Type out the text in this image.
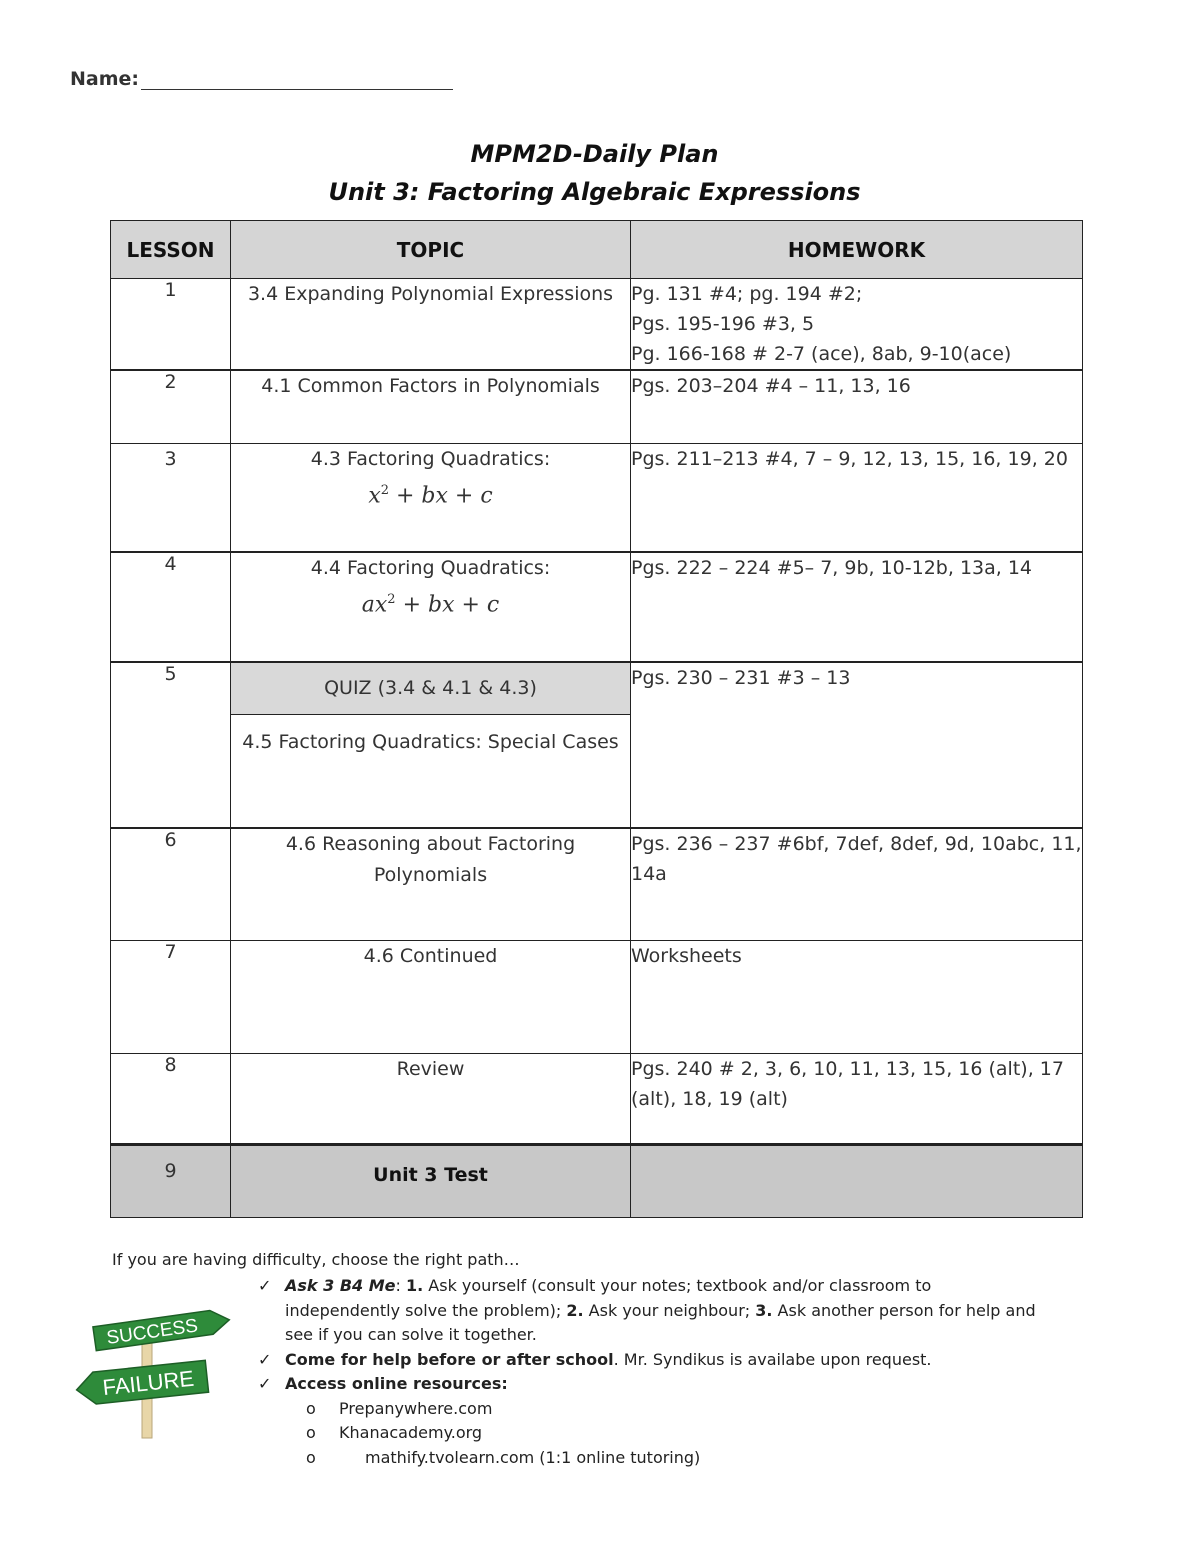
Name:
MPM2D-Daily Plan
Unit 3: Factoring Algebraic Expressions
LESSON	TOPIC	HOMEWORK
1	3.4 Expanding Polynomial Expressions	Pg. 131 #4; pg. 194 #2;
Pgs. 195-196 #3, 5
Pg. 166-168 # 2-7 (ace), 8ab, 9-10(ace)

2	4.1 Common Factors in Polynomials	Pgs. 203–204 #4 – 11, 13, 16
3	4.3 Factoring Quadratics:
$x^2$ + bx + c	Pgs. 211–213 #4, 7 – 9, 12, 13, 15, 16, 19, 20
4	4.4 Factoring Quadratics:
$ax^2$ + bx + c	Pgs. 222 – 224 #5– 7, 9b, 10-12b, 13a, 14
5	QUIZ (3.4 & 4.1 & 4.3)
4.5 Factoring Quadratics: Special Cases	Pgs. 230 – 231 #3 – 13
6	4.6 Reasoning about Factoring Polynomials	Pgs. 236 – 237 #6bf, 7def, 8def, 9d, 10abc, 11, 14a
7	4.6 Continued	Worksheets
8	Review	Pgs. 240 # 2, 3, 6, 10, 11, 13, 15, 16 (alt), 17 (alt), 18, 19 (alt)
9	Unit 3 Test	

If you are having difficulty, choose the right path…

✓ Ask 3 B4 Me: 1. Ask yourself (consult your notes; textbook and/or classroom to independently solve the problem); 2. Ask your neighbour; 3. Ask another person for help and see if you can solve it together.
✓ Come for help before or after school. Mr. Syndikus is availabe upon request.
✓ Access online resources:
o Prepanywhere.com
o Khanacademy.org
o	mathify.tvolearn.com (1:1 online tutoring)
SUCCESS
FAILURE
